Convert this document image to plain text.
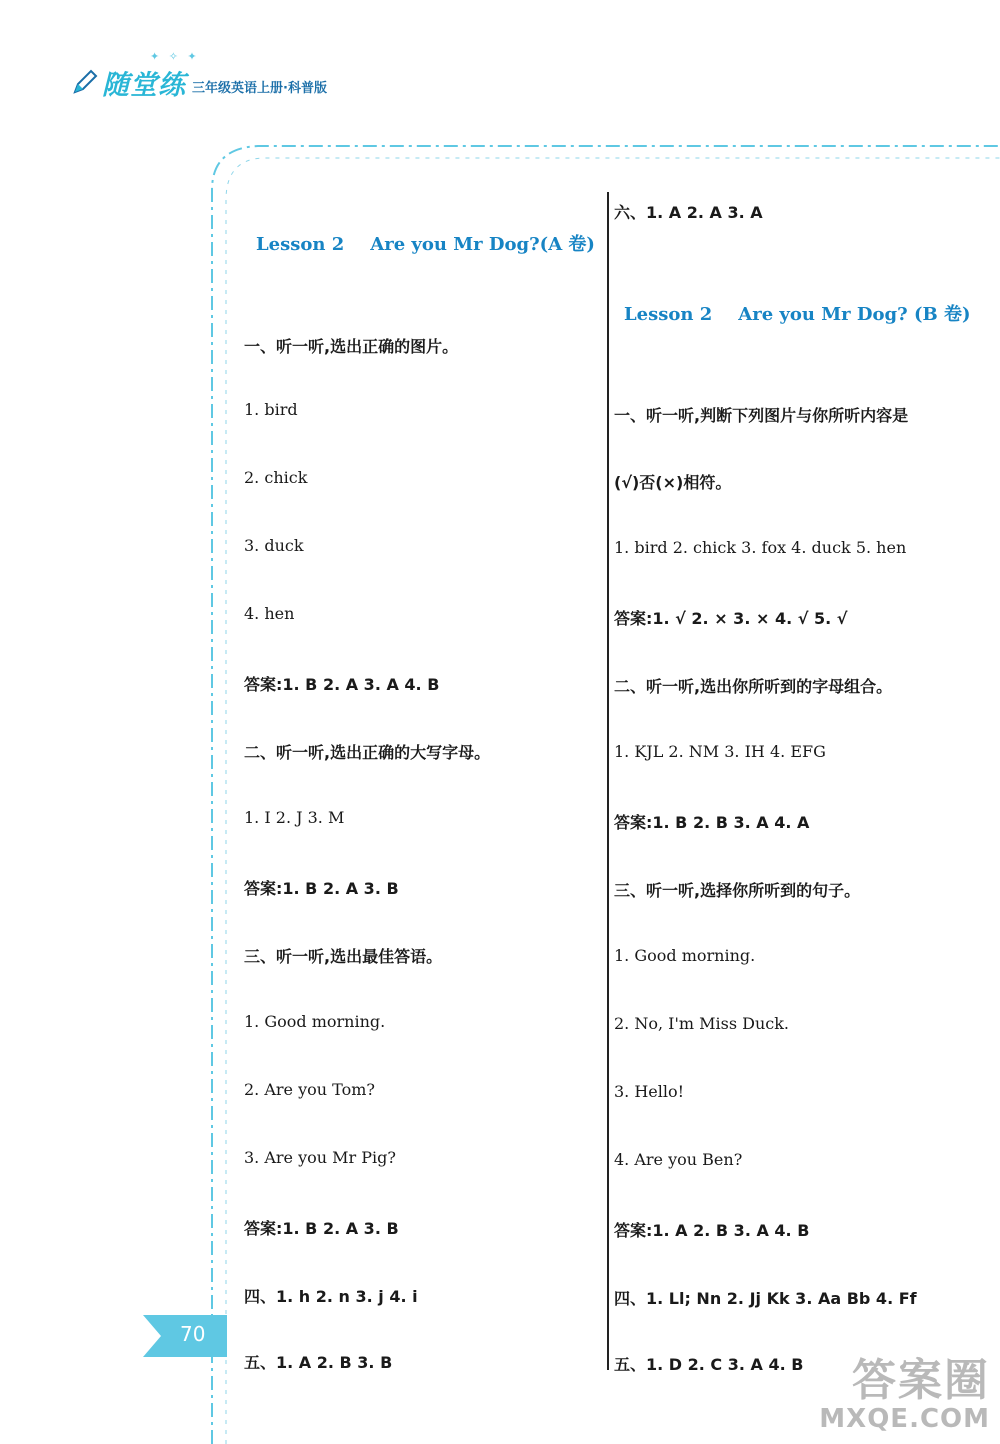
随堂练 三年级英语上册·科普版
✦ ✧ ✦
Lesson 2 Are you Mr Dog?(A 卷)
一、听一听,选出正确的图片。
1. bird
2. chick
3. duck
4. hen
答案:1. B 2. A 3. A 4. B
二、听一听,选出正确的大写字母。
1. I 2. J 3. M
答案:1. B 2. A 3. B
三、听一听,选出最佳答语。
1. Good morning.
2. Are you Tom?
3. Are you Mr Pig?
答案:1. B 2. A 3. B
四、1. h 2. n 3. j 4. i
五、1. A 2. B 3. B
六、1. A 2. A 3. A
Lesson 2 Are you Mr Dog? (B 卷)
一、听一听,判断下列图片与你所听内容是
(√)否(×)相符。
1. bird 2. chick 3. fox 4. duck 5. hen
答案:1. √ 2. × 3. × 4. √ 5. √
二、听一听,选出你所听到的字母组合。
1. KJL 2. NM 3. IH 4. EFG
答案:1. B 2. B 3. A 4. A
三、听一听,选择你所听到的句子。
1. Good morning.
2. No, I'm Miss Duck.
3. Hello!
4. Are you Ben?
答案:1. A 2. B 3. A 4. B
四、1. Ll; Nn 2. Jj Kk 3. Aa Bb 4. Ff
五、1. D 2. C 3. A 4. B
70
答案圈
MXQE.COM
